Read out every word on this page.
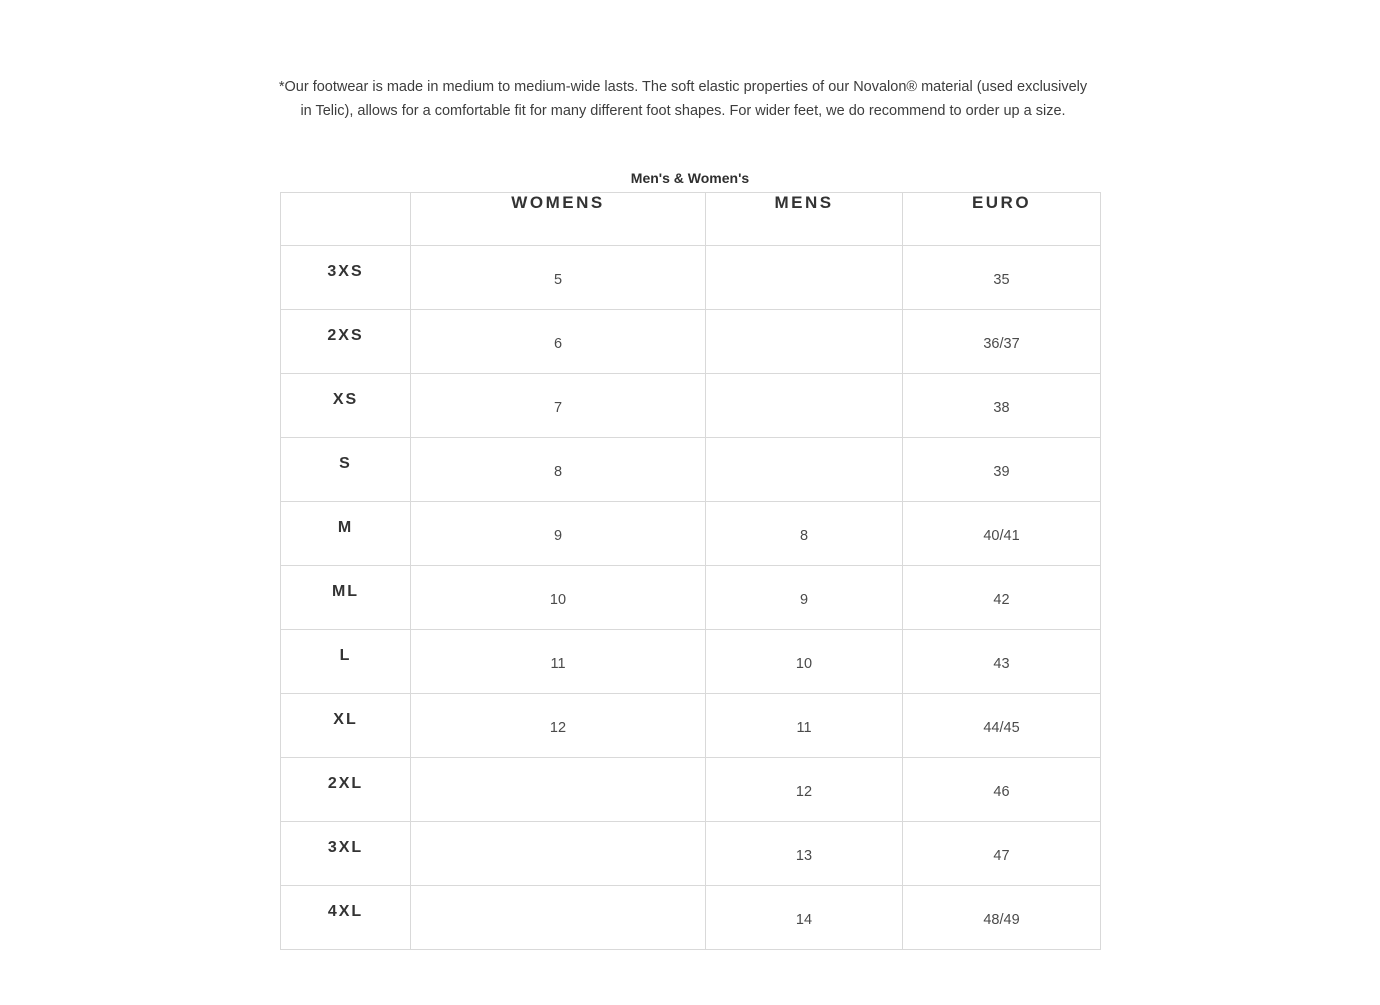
*Our footwear is made in medium to medium-wide lasts. The soft elastic properties of our Novalon® material (used exclusively in Telic), allows for a comfortable fit for many different foot shapes. For wider feet, we do recommend to order up a size.

Men's & Women's
	WOMENS	MENS	EURO
3XS	5		35
2XS	6		36/37
XS	7		38
S	8		39
M	9	8	40/41
ML	10	9	42
L	11	10	43
XL	12	11	44/45
2XL		12	46
3XL		13	47
4XL		14	48/49
